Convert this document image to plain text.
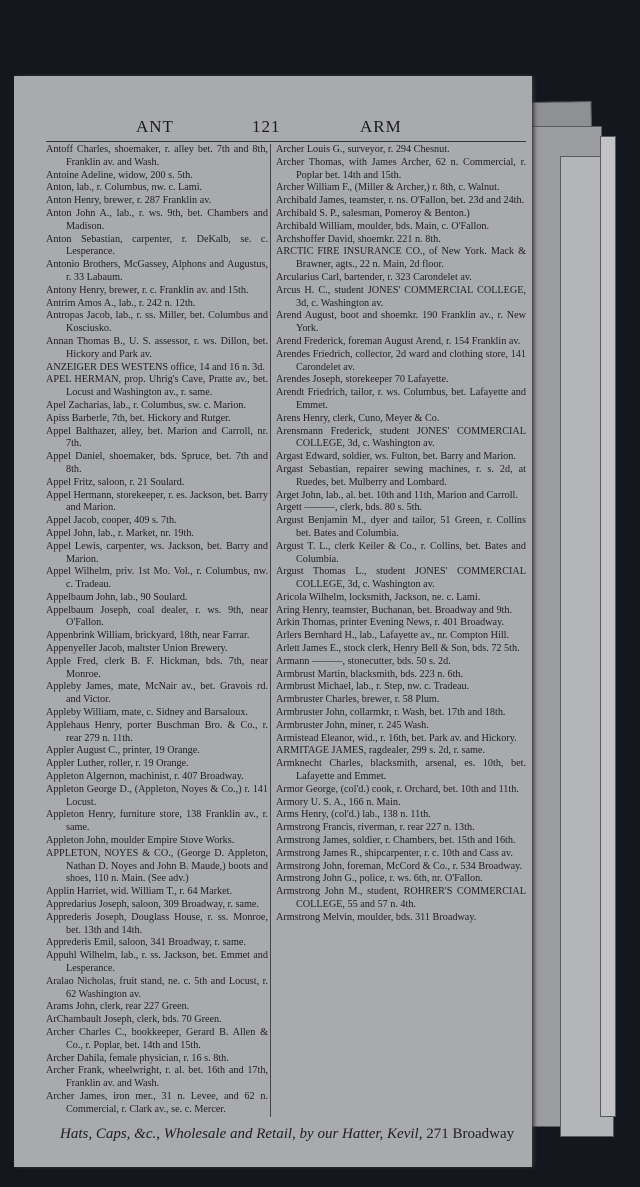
ANT	121	ARM
Antoff Charles, shoemaker, r. alley bet. 7th and 8th, Franklin av. and Wash.
Antoine Adeline, widow, 200 s. 5th.
Anton, lab., r. Columbus, nw. c. Lami.
Anton Henry, brewer, r. 287 Franklin av.
Anton John A., lab., r. ws. 9th, bet. Chambers and Madison.
Anton Sebastian, carpenter, r. DeKalb, se. c. Lesperance.
Antonio Brothers, McGassey, Alphons and Augustus, r. 33 Labaum.
Antony Henry, brewer, r. c. Franklin av. and 15th.
Antrim Amos A., lab., r. 242 n. 12th.
Antropas Jacob, lab., r. ss. Miller, bet. Columbus and Kosciusko.
Annan Thomas B., U. S. assessor, r. ws. Dillon, bet. Hickory and Park av.
ANZEIGER DES WESTENS office, 14 and 16 n. 3d.
APEL HERMAN, prop. Uhrig's Cave, Pratte av., bet. Locust and Washington av., r. same.
Apel Zacharias, lab., r. Columbus, sw. c. Marion.
Apiss Barberle, 7th, bet. Hickory and Rutger.
Appel Balthazer, alley, bet. Marion and Carroll, nr. 7th.
Appel Daniel, shoemaker, bds. Spruce, bet. 7th and 8th.
Appel Fritz, saloon, r. 21 Soulard.
Appel Hermann, storekeeper, r. es. Jackson, bet. Barry and Marion.
Appel Jacob, cooper, 409 s. 7th.
Appel John, lab., r. Market, nr. 19th.
Appel Lewis, carpenter, ws. Jackson, bet. Barry and Marion.
Appel Wilhelm, priv. 1st Mo. Vol., r. Columbus, nw. c. Tradeau.
Appelbaum John, lab., 90 Soulard.
Appelbaum Joseph, coal dealer, r. ws. 9th, near O'Fallon.
Appenbrink William, brickyard, 18th, near Farrar.
Appenyeller Jacob, maltster Union Brewery.
Apple Fred, clerk B. F. Hickman, bds. 7th, near Monroe.
Appleby James, mate, McNair av., bet. Gravois rd. and Victor.
Appleby William, mate, c. Sidney and Barsaloux.
Applehaus Henry, porter Buschman Bro. & Co., r. rear 279 n. 11th.
Appler August C., printer, 19 Orange.
Appler Luther, roller, r. 19 Orange.
Appleton Algernon, machinist, r. 407 Broadway.
Appleton George D., (Appleton, Noyes & Co.,) r. 141 Locust.
Appleton Henry, furniture store, 138 Franklin av., r. same.
Appleton John, moulder Empire Stove Works.
APPLETON, NOYES & CO., (George D. Appleton, Nathan D. Noyes and John B. Maude,) boots and shoes, 110 n. Main. (See adv.)
Applin Harriet, wid. William T., r. 64 Market.
Appredarius Joseph, saloon, 309 Broadway, r. same.
Apprederis Joseph, Douglass House, r. ss. Monroe, bet. 13th and 14th.
Apprederis Emil, saloon, 341 Broadway, r. same.
Appuhl Wilhelm, lab., r. ss. Jackson, bet. Emmet and Lesperance.
Aralao Nicholas, fruit stand, ne. c. 5th and Locust, r. 62 Washington av.
Arams John, clerk, rear 227 Green.
ArChambault Joseph, clerk, bds. 70 Green.
Archer Charles C., bookkeeper, Gerard B. Allen & Co., r. Poplar, bet. 14th and 15th.
Archer Dahila, female physician, r. 16 s. 8th.
Archer Frank, wheelwright, r. al. bet. 16th and 17th, Franklin av. and Wash.
Archer James, iron mer., 31 n. Levee, and 62 n. Commercial, r. Clark av., se. c. Mercer.
Archer Louis G., surveyor, r. 294 Chesnut.
Archer Thomas, with James Archer, 62 n. Commercial, r. Poplar bet. 14th and 15th.
Archer William F., (Miller & Archer,) r. 8th, c. Walnut.
Archibald James, teamster, r. ns. O'Fallon, bet. 23d and 24th.
Archibald S. P., salesman, Pomeroy & Benton.)
Archibald William, moulder, bds. Main, c. O'Fallon.
Archshoffer David, shoemkr. 221 n. 8th.
ARCTIC FIRE INSURANCE CO., of New York. Mack & Brawner, agts., 22 n. Main, 2d floor.
Arcularius Carl, bartender, r. 323 Carondelet av.
Arcus H. C., student JONES' COMMERCIAL COLLEGE, 3d, c. Washington av.
Arend August, boot and shoemkr. 190 Franklin av., r. New York.
Arend Frederick, foreman August Arend, r. 154 Franklin av.
Arendes Friedrich, collector, 2d ward and clothing store, 141 Carondelet av.
Arendes Joseph, storekeeper 70 Lafayette.
Arendt Friedrich, tailor, r. ws. Columbus, bet. Lafayette and Emmet.
Arens Henry, clerk, Cuno, Meyer & Co.
Arensmann Frederick, student JONES' COMMERCIAL COLLEGE, 3d, c. Washington av.
Argast Edward, soldier, ws. Fulton, bet. Barry and Marion.
Argast Sebastian, repairer sewing machines, r. s. 2d, at Ruedes, bet. Mulberry and Lombard.
Arget John, lab., al. bet. 10th and 11th, Marion and Carroll.
Argett ———, clerk, bds. 80 s. 5th.
Argust Benjamin M., dyer and tailor, 51 Green, r. Collins bet. Bates and Columbia.
Argust T. L., clerk Keiler & Co., r. Collins, bet. Bates and Columbia.
Argust Thomas L., student JONES' COMMERCIAL COLLEGE, 3d, c. Washington av.
Aricola Wilhelm, locksmith, Jackson, ne. c. Lami.
Aring Henry, teamster, Buchanan, bet. Broadway and 9th.
Arkin Thomas, printer Evening News, r. 401 Broadway.
Arlers Bernhard H., lab., Lafayette av., nr. Compton Hill.
Arlett James E., stock clerk, Henry Bell & Son, bds. 72 5th.
Armann ———, stonecutter, bds. 50 s. 2d.
Armbrust Martin, blacksmith, bds. 223 n. 6th.
Armbrust Michael, lab., r. Step, nw. c. Tradeau.
Armbruster Charles, brewer, r. 58 Plum.
Armbruster John, collarmkr, r. Wash, bet. 17th and 18th.
Armbruster John, miner, r. 245 Wash.
Armistead Eleanor, wid., r. 16th, bet. Park av. and Hickory.
ARMITAGE JAMES, ragdealer, 299 s. 2d, r. same.
Armknecht Charles, blacksmith, arsenal, es. 10th, bet. Lafayette and Emmet.
Armor George, (col'd.) cook, r. Orchard, bet. 10th and 11th.
Armory U. S. A., 166 n. Main.
Arms Henry, (col'd.) lab., 138 n. 11th.
Armstrong Francis, riverman, r. rear 227 n. 13th.
Armstrong James, soldier, r. Chambers, bet. 15th and 16th.
Armstrong James R., shipcarpenter, r. c. 10th and Cass av.
Armstrong John, foreman, McCord & Co., r. 534 Broadway.
Armstrong John G., police, r. ws. 6th, nr. O'Fallon.
Armstrong John M., student, ROHRER'S COMMERCIAL COLLEGE, 55 and 57 n. 4th.
Armstrong Melvin, moulder, bds. 311 Broadway.
Hats, Caps, &c., Wholesale and Retail, by our Hatter, Kevil, 271 Broadway
